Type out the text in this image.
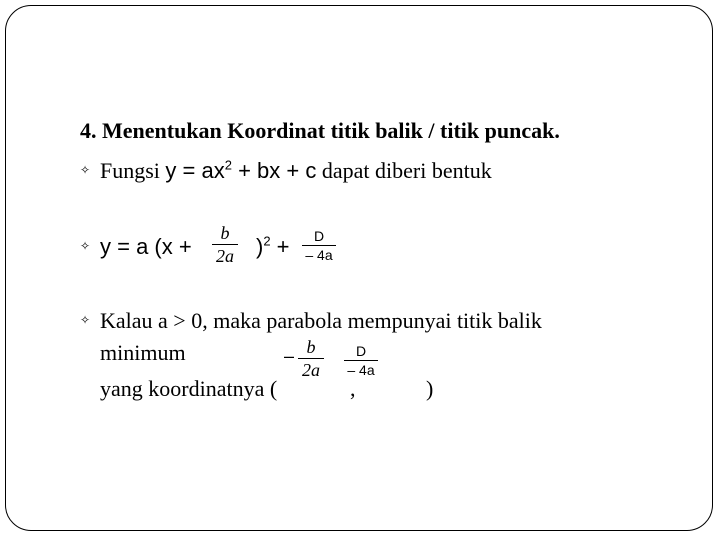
4. Menentukan Koordinat titik balik / titik puncak.
✧ Fungsi $y = ax^2$ + bx + c dapat diberi bentuk
✧ y = a (x +
b
2a )$^2$ +	D
– 4a
✧ Kalau a > 0, maka parabola mempunyai titik balik
minimum
yang koordinatnya (
– b
2a
,
D
– 4a
)
